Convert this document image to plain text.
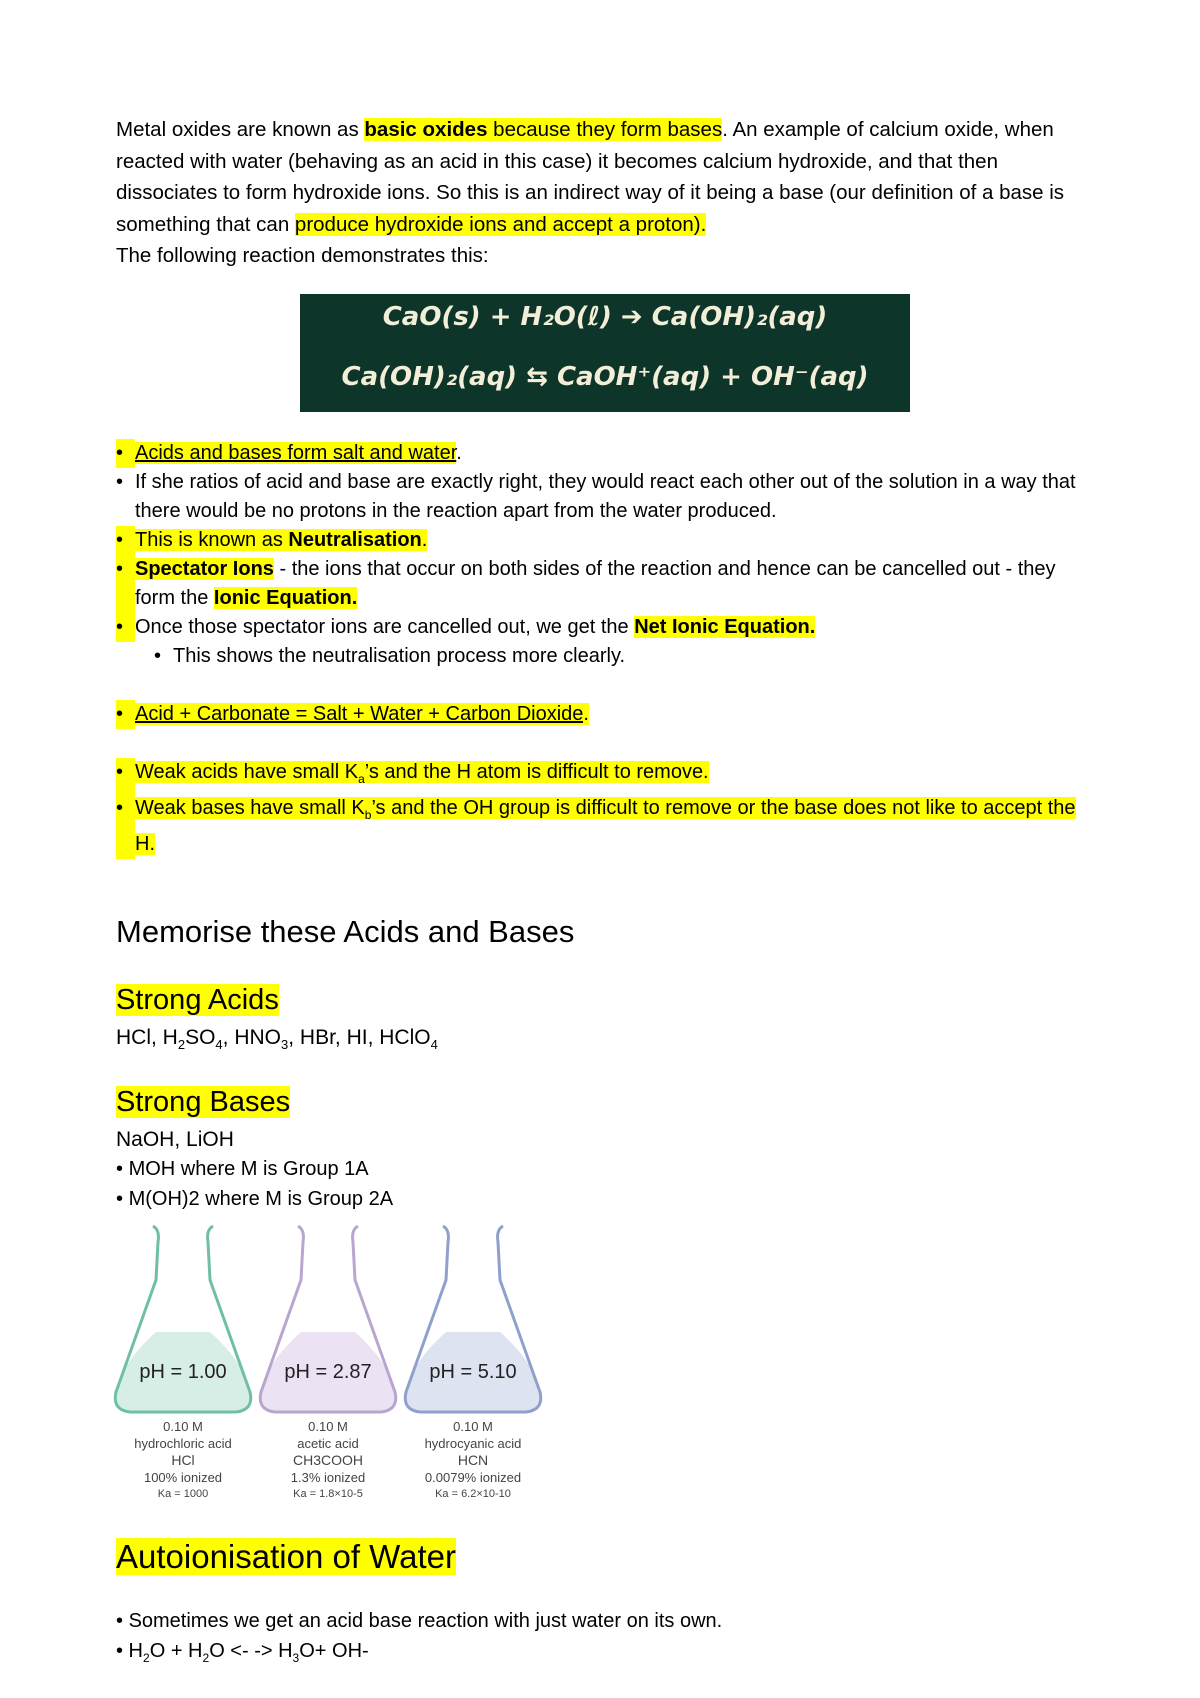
Metal oxides are known as basic oxides because they form bases. An example of calcium oxide, when reacted with water (behaving as an acid in this case) it becomes calcium hydroxide, and that then dissociates to form hydroxide ions. So this is an indirect way of it being a base (our definition of a base is something that can produce hydroxide ions and accept a proton).

The following reaction demonstrates this:

CaO(s) + H₂O(ℓ) ➔ Ca(OH)₂(aq)
Ca(OH)₂(aq) ⇆ CaOH⁺(aq) + OH⁻(aq)
• Acids and bases form salt and water.
• If she ratios of acid and base are exactly right, they would react each other out of the solution in a way that there would be no protons in the reaction apart from the water produced.
• This is known as Neutralisation.
• Spectator Ions - the ions that occur on both sides of the reaction and hence can be cancelled out - they form the Ionic Equation.
• Once those spectator ions are cancelled out, we get the Net Ionic Equation.
• This shows the neutralisation process more clearly.
• Acid + Carbonate = Salt + Water + Carbon Dioxide.
• Weak acids have small $K_a’s$ and the H atom is difficult to remove.
• Weak bases have small $K_b’s$ and the OH group is difficult to remove or the base does not like to accept the H.
Memorise these Acids and Bases
Strong Acids
HCl, $H_2SO_4$, $HNO_3$, HBr, HI, HClO$_4$
Strong Bases
NaOH, LiOH
• MOH where M is Group 1A
• M(OH)2 where M is Group 2A
pH = 1.00	pH = 2.87	pH = 5.10
0.10 M
hydrochloric acid
HCl
100% ionized
Ka = 1000
0.10 M
acetic acid
CH3COOH
1.3% ionized
Ka = 1.8×10-5
0.10 M
hydrocyanic acid
HCN
0.0079% ionized
Ka = 6.2×10-10
Autoionisation of Water
• Sometimes we get an acid base reaction with just water on its own.
• $H_2O + H_2O$ <- -> $H_3O+ OH-$
